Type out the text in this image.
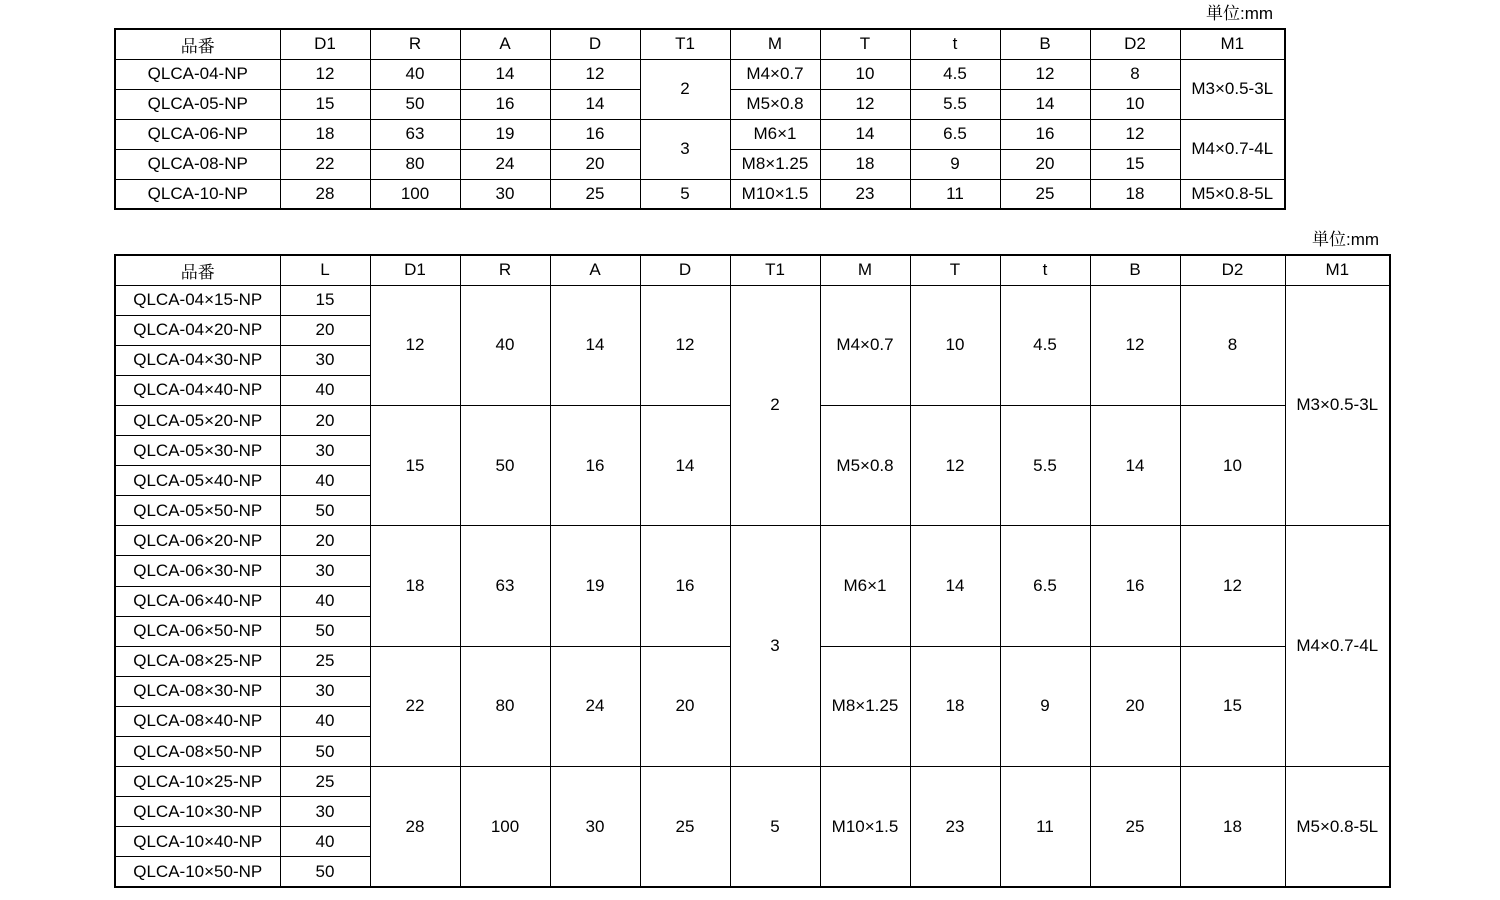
単位:mm
単位:mm
品番	D1	R	A	D	T1	M	T	t	B	D2	M1
QLCA-04-NP	12	40	14	12	2	M4×0.7	10	4.5	12	8	M3×0.5-3L
QLCA-05-NP	15	50	16	14		M5×0.8	12	5.5	14	10	
QLCA-06-NP	18	63	19	16	3	M6×1	14	6.5	16	12	M4×0.7-4L
QLCA-08-NP	22	80	24	20		M8×1.25	18	9	20	15	
QLCA-10-NP	28	100	30	25	5	M10×1.5	23	11	25	18	M5×0.8-5L
品番	L	D1	R	A	D	T1	M	T	t	B	D2	M1
QLCA-04×15-NP	15	12	40	14	12	2	M4×0.7	10	4.5	12	8	M3×0.5-3L
QLCA-04×20-NP	20											
QLCA-04×30-NP	30											
QLCA-04×40-NP	40											
QLCA-05×20-NP	20	15	50	16	14		M5×0.8	12	5.5	14	10	
QLCA-05×30-NP	30											
QLCA-05×40-NP	40											
QLCA-05×50-NP	50											
QLCA-06×20-NP	20	18	63	19	16	3	M6×1	14	6.5	16	12	M4×0.7-4L
QLCA-06×30-NP	30											
QLCA-06×40-NP	40											
QLCA-06×50-NP	50											
QLCA-08×25-NP	25	22	80	24	20		M8×1.25	18	9	20	15	
QLCA-08×30-NP	30											
QLCA-08×40-NP	40											
QLCA-08×50-NP	50											
QLCA-10×25-NP	25	28	100	30	25	5	M10×1.5	23	11	25	18	M5×0.8-5L
QLCA-10×30-NP	30											
QLCA-10×40-NP	40											
QLCA-10×50-NP	50											
